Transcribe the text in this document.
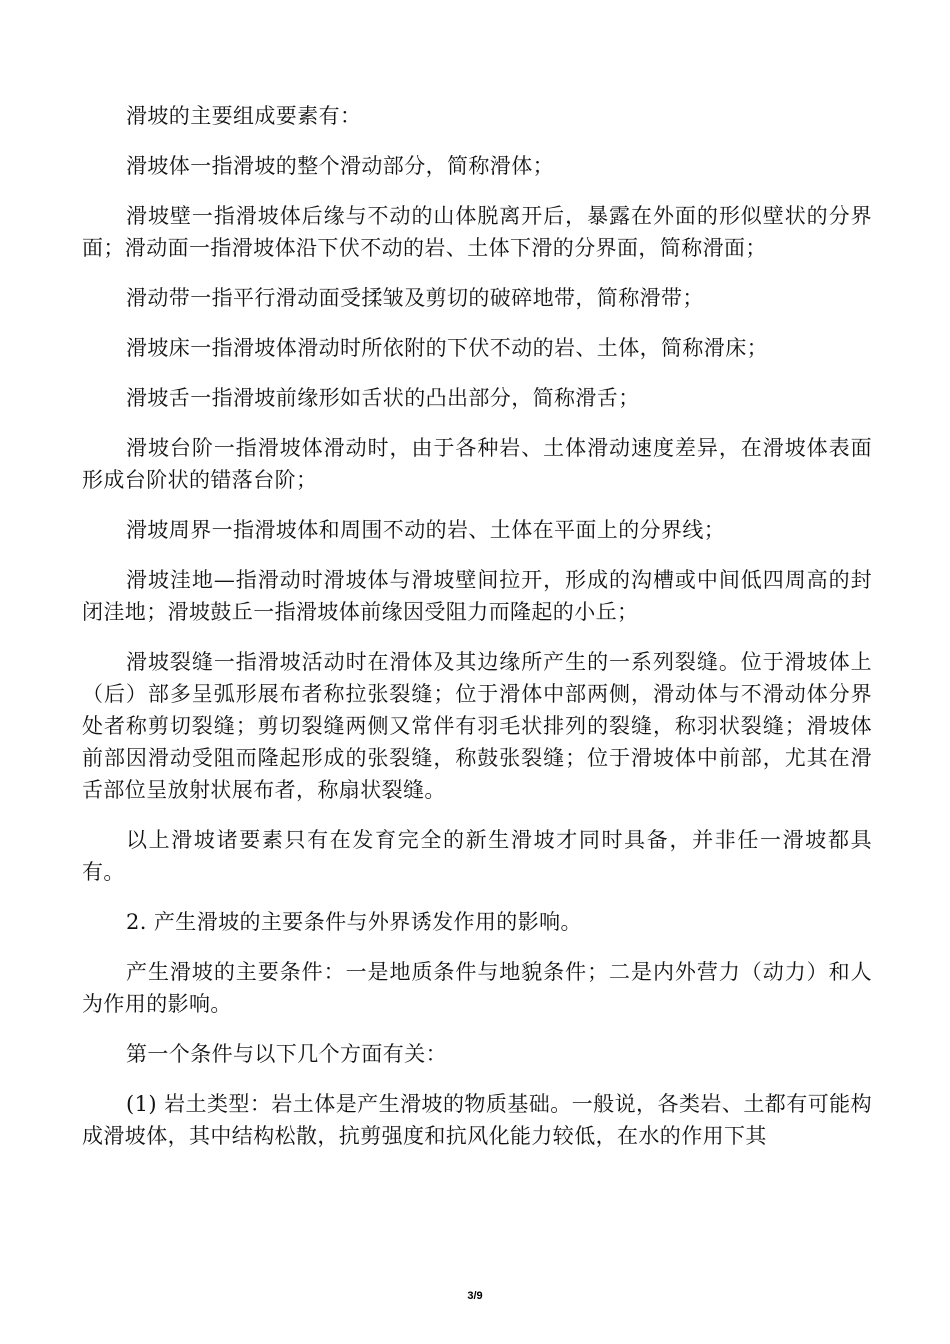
滑坡的主要组成要素有：

滑坡体一指滑坡的整个滑动部分，简称滑体；

滑坡壁一指滑坡体后缘与不动的山体脱离开后，暴露在外面的形似壁状的分界面；滑动面一指滑坡体沿下伏不动的岩、土体下滑的分界面，简称滑面；

滑动带一指平行滑动面受揉皱及剪切的破碎地带，简称滑带；

滑坡床一指滑坡体滑动时所依附的下伏不动的岩、土体，简称滑床；

滑坡舌一指滑坡前缘形如舌状的凸出部分，简称滑舌；

滑坡台阶一指滑坡体滑动时，由于各种岩、土体滑动速度差异，在滑坡体表面形成台阶状的错落台阶；

滑坡周界一指滑坡体和周围不动的岩、土体在平面上的分界线；

滑坡洼地—指滑动时滑坡体与滑坡壁间拉开，形成的沟槽或中间低四周高的封闭洼地；滑坡鼓丘一指滑坡体前缘因受阻力而隆起的小丘；

滑坡裂缝一指滑坡活动时在滑体及其边缘所产生的一系列裂缝。位于滑坡体上（后）部多呈弧形展布者称拉张裂缝；位于滑体中部两侧，滑动体与不滑动体分界处者称剪切裂缝；剪切裂缝两侧又常伴有羽毛状排列的裂缝，称羽状裂缝；滑坡体前部因滑动受阻而隆起形成的张裂缝，称鼓张裂缝；位于滑坡体中前部，尤其在滑舌部位呈放射状展布者，称扇状裂缝。

以上滑坡诸要素只有在发育完全的新生滑坡才同时具备，并非任一滑坡都具有。

2. 产生滑坡的主要条件与外界诱发作用的影响。

产生滑坡的主要条件：一是地质条件与地貌条件；二是内外营力（动力）和人为作用的影响。

第一个条件与以下几个方面有关：

(1) 岩土类型：岩土体是产生滑坡的物质基础。一般说，各类岩、土都有可能构成滑坡体，其中结构松散，抗剪强度和抗风化能力较低，在水的作用下其

3/9
